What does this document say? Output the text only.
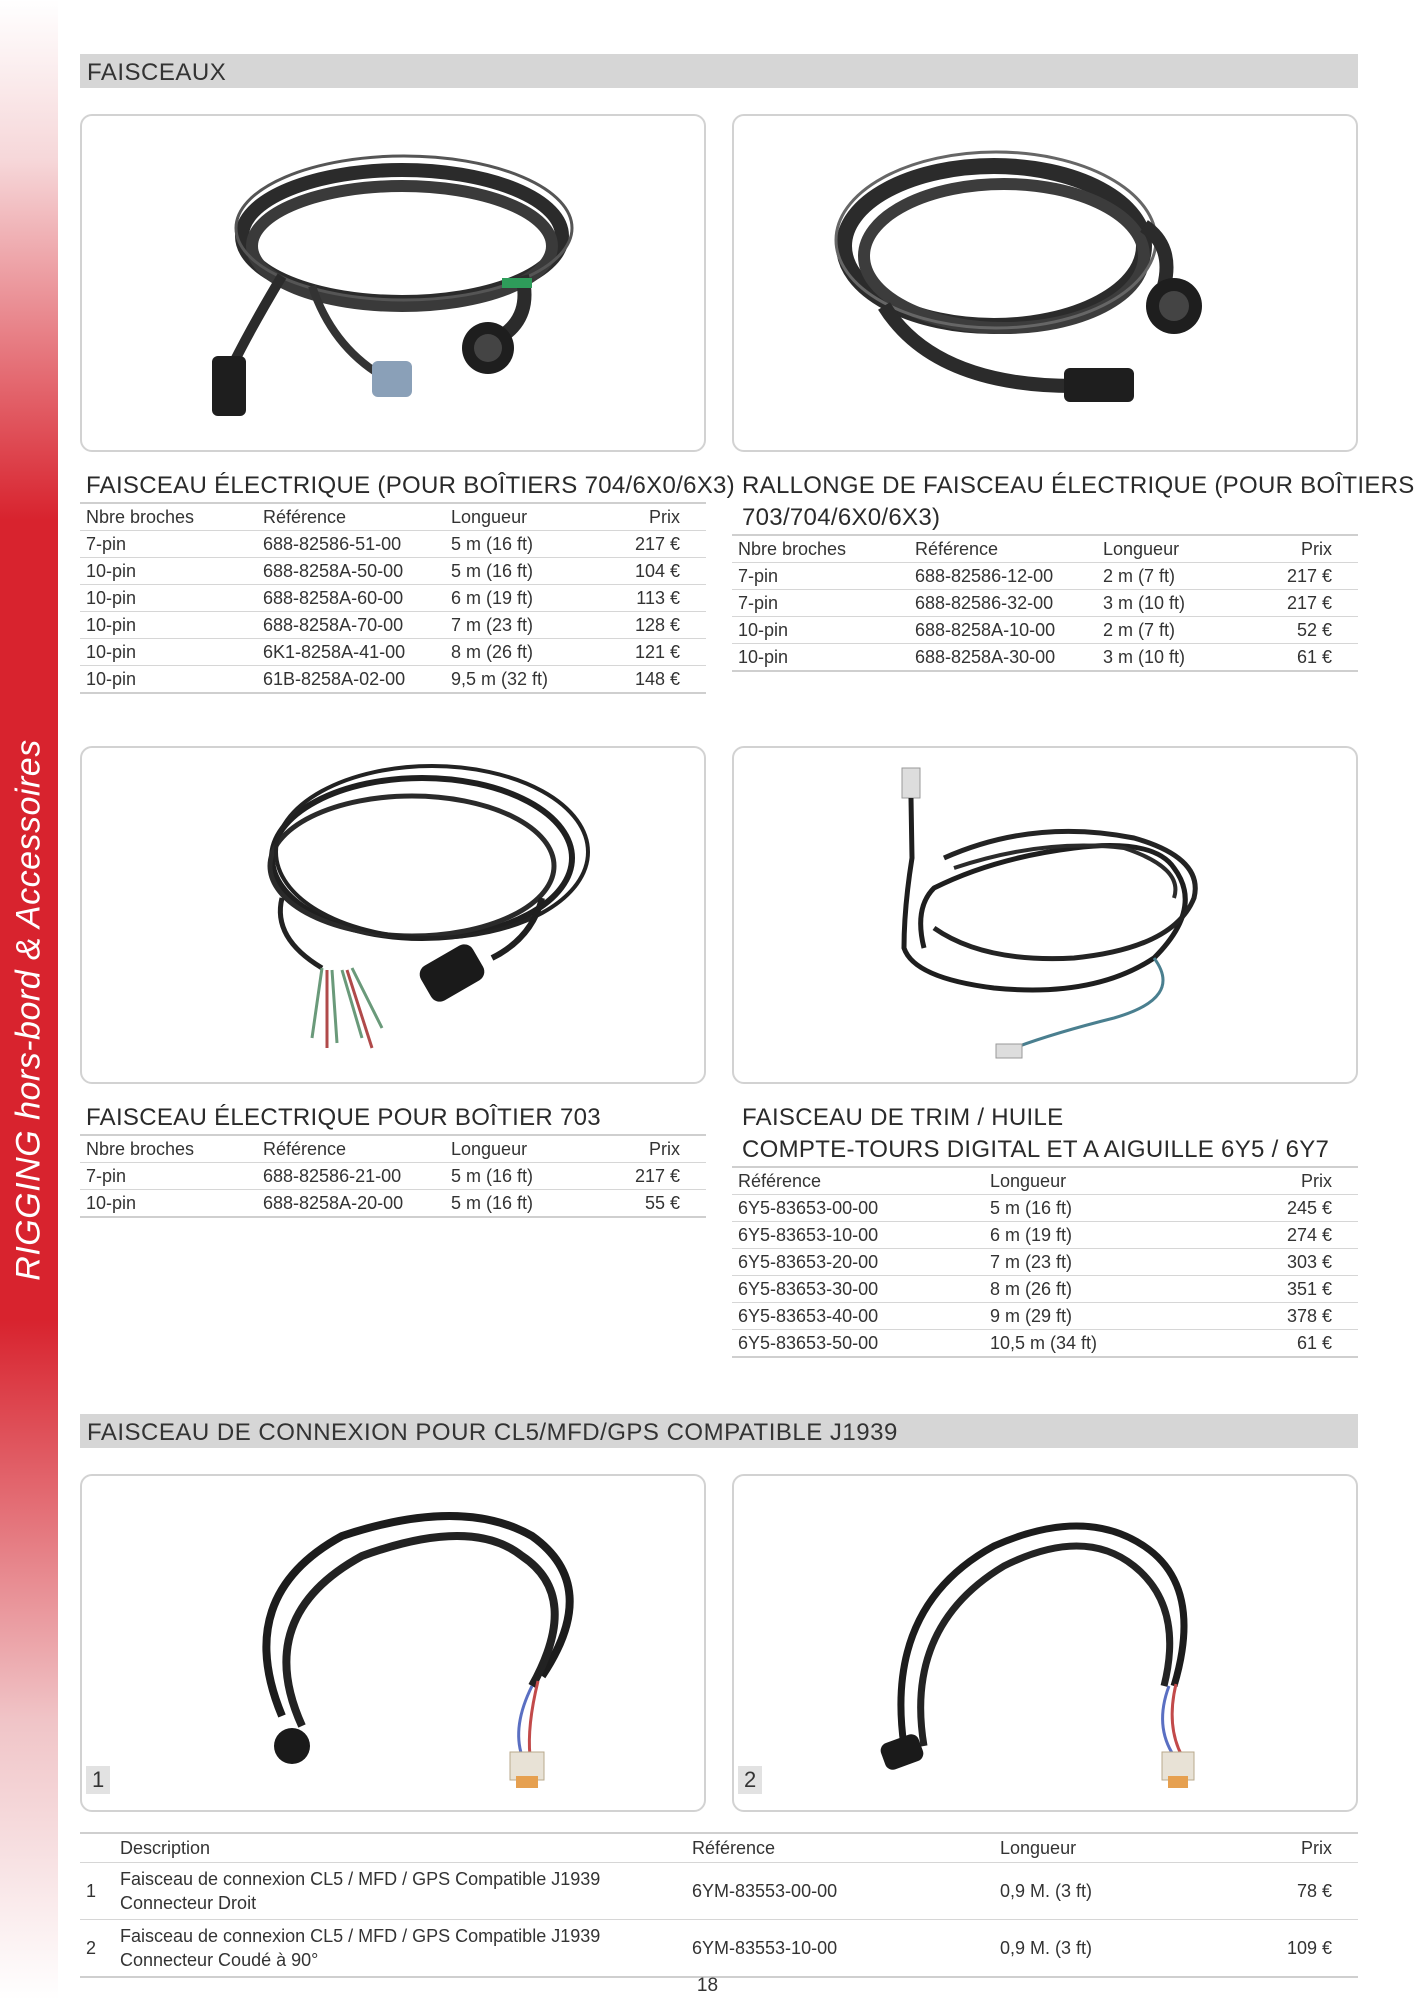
RIGGING hors-bord & Accessoires
FAISCEAUX
FAISCEAU ÉLECTRIQUE (POUR BOÎTIERS 704/6X0/6X3)
Nbre broches	Référence	Longueur	Prix
7-pin	688-82586-51-00	5 m (16 ft)	217 €
10-pin	688-8258A-50-00	5 m (16 ft)	104 €
10-pin	688-8258A-60-00	6 m (19 ft)	113 €
10-pin	688-8258A-70-00	7 m (23 ft)	128 €
10-pin	6K1-8258A-41-00	8 m (26 ft)	121 €
10-pin	61B-8258A-02-00	9,5 m (32 ft)	148 €
RALLONGE DE FAISCEAU ÉLECTRIQUE (POUR BOÎTIERS
703/704/6X0/6X3)
Nbre broches	Référence	Longueur	Prix
7-pin	688-82586-12-00	2 m (7 ft)	217 €
7-pin	688-82586-32-00	3 m (10 ft)	217 €
10-pin	688-8258A-10-00	2 m (7 ft)	52 €
10-pin	688-8258A-30-00	3 m (10 ft)	61 €
FAISCEAU ÉLECTRIQUE POUR BOÎTIER 703
Nbre broches	Référence	Longueur	Prix
7-pin	688-82586-21-00	5 m (16 ft)	217 €
10-pin	688-8258A-20-00	5 m (16 ft)	55 €
FAISCEAU DE TRIM / HUILE
COMPTE-TOURS DIGITAL ET A AIGUILLE 6Y5 / 6Y7
Référence	Longueur	Prix
6Y5-83653-00-00	5 m (16 ft)	245 €
6Y5-83653-10-00	6 m (19 ft)	274 €
6Y5-83653-20-00	7 m (23 ft)	303 €
6Y5-83653-30-00	8 m (26 ft)	351 €
6Y5-83653-40-00	9 m (29 ft)	378 €
6Y5-83653-50-00	10,5 m (34 ft)	61 €
FAISCEAU DE CONNEXION POUR CL5/MFD/GPS COMPATIBLE J1939
1	2
	Description	Référence	Longueur	Prix
1	Faisceau de connexion CL5 / MFD / GPS Compatible J1939
Connecteur Droit	6YM-83553-00-00	0,9 M. (3 ft)	78 €
2	Faisceau de connexion CL5 / MFD / GPS Compatible J1939
Connecteur Coudé à 90°	6YM-83553-10-00	0,9 M. (3 ft)	109 €
18
